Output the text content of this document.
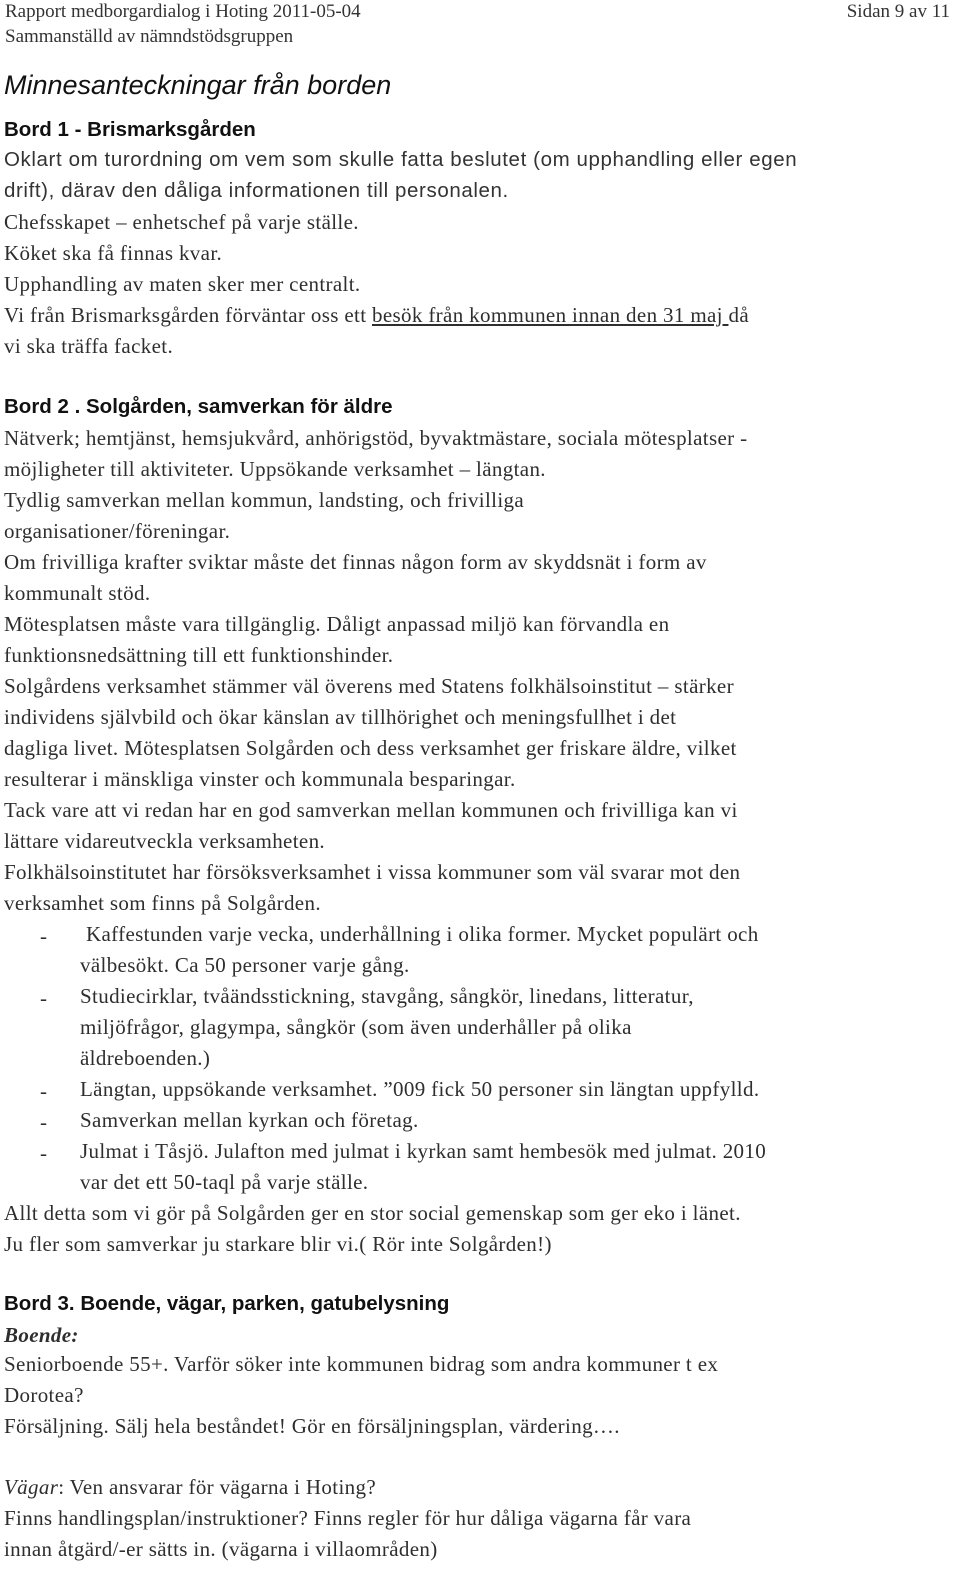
Rapport medborgardialog i Hoting 2011-05-04
Sammanställd av nämndstödsgruppen
Sidan 9 av 11
Minnesanteckningar från borden
Bord 1 - Brismarksgården
Oklart om turordning om vem som skulle fatta beslutet (om upphandling eller egen
drift), därav den dåliga informationen till personalen.
Chefsskapet – enhetschef på varje ställe.
Köket ska få finnas kvar.
Upphandling av maten sker mer centralt.
Vi från Brismarksgården förväntar oss ett besök från kommunen innan den 31 maj då
vi ska träffa facket.
Bord 2 . Solgården, samverkan för äldre
Nätverk; hemtjänst, hemsjukvård, anhörigstöd, byvaktmästare, sociala mötesplatser -
möjligheter till aktiviteter. Uppsökande verksamhet – längtan.
Tydlig samverkan mellan kommun, landsting, och frivilliga
organisationer/föreningar.
Om frivilliga krafter sviktar måste det finnas någon form av skyddsnät i form av
kommunalt stöd.
Mötesplatsen måste vara tillgänglig. Dåligt anpassad miljö kan förvandla en
funktionsnedsättning till ett funktionshinder.
Solgårdens verksamhet stämmer väl överens med Statens folkhälsoinstitut – stärker
individens självbild och ökar känslan av tillhörighet och meningsfullhet i det
dagliga livet. Mötesplatsen Solgården och dess verksamhet ger friskare äldre, vilket
resulterar i mänskliga vinster och kommunala besparingar.
Tack vare att vi redan har en god samverkan mellan kommunen och frivilliga kan vi
lättare vidareutveckla verksamheten.
Folkhälsoinstitutet har försöksverksamhet i vissa kommuner som väl svarar mot den
verksamhet som finns på Solgården.
- Kaffestunden varje vecka, underhållning i olika former. Mycket populärt och
välbesökt. Ca 50 personer varje gång.
- Studiecirklar, tvåändsstickning, stavgång, sångkör, linedans, litteratur,
miljöfrågor, glagympa, sångkör (som även underhåller på olika
äldreboenden.)
- Längtan, uppsökande verksamhet. ”009 fick 50 personer sin längtan uppfylld.
- Samverkan mellan kyrkan och företag.
- Julmat i Tåsjö. Julafton med julmat i kyrkan samt hembesök med julmat. 2010
var det ett 50-taql på varje ställe.
Allt detta som vi gör på Solgården ger en stor social gemenskap som ger eko i länet.
Ju fler som samverkar ju starkare blir vi.( Rör inte Solgården!)
Bord 3. Boende, vägar, parken, gatubelysning
Boende:
Seniorboende 55+. Varför söker inte kommunen bidrag som andra kommuner t ex
Dorotea?
Försäljning. Sälj hela beståndet! Gör en försäljningsplan, värdering….
Vägar: Ven ansvarar för vägarna i Hoting?
Finns handlingsplan/instruktioner? Finns regler för hur dåliga vägarna får vara
innan åtgärd/-er sätts in. (vägarna i villaområden)
